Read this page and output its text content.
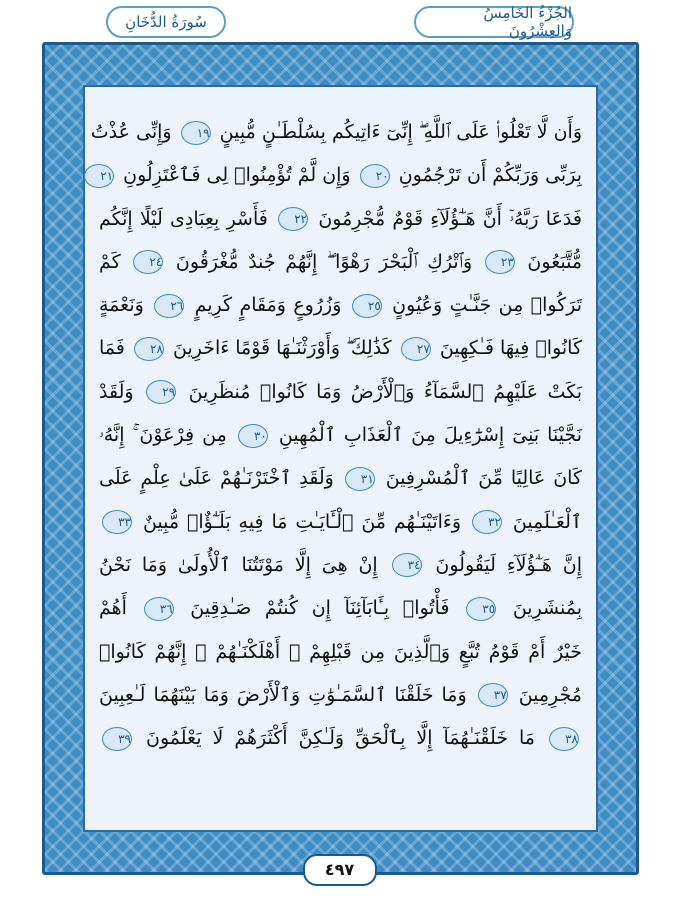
الجُزْءُ الخَامِسُ وَالعِشْرُونَ
سُورَةُ الدُّخَانِ
وَأَن لَّا تَعْلُوا۟ عَلَى ٱللَّهِ ۖ إِنِّىٓ ءَاتِيكُم بِسُلْطَـٰنٍ مُّبِينٍ ١٩ وَإِنِّى عُذْتُ
بِرَبِّى وَرَبِّكُمْ أَن تَرْجُمُونِ ٢٠ وَإِن لَّمْ تُؤْمِنُوا۟ لِى فَٱعْتَزِلُونِ ٢١
فَدَعَا رَبَّهُۥٓ أَنَّ هَـٰٓؤُلَآءِ قَوْمٌ مُّجْرِمُونَ ٢٢ فَأَسْرِ بِعِبَادِى لَيْلًا إِنَّكُم
مُّتَّبَعُونَ ٢٣ وَٱتْرُكِ ٱلْبَحْرَ رَهْوًا ۖ إِنَّهُمْ جُندٌ مُّغْرَقُونَ ٢٤ كَمْ
تَرَكُوا۟ مِن جَنَّـٰتٍ وَعُيُونٍ ٢٥ وَزُرُوعٍ وَمَقَامٍ كَرِيمٍ ٢٦ وَنَعْمَةٍ
كَانُوا۟ فِيهَا فَـٰكِهِينَ ٢٧ كَذَٰلِكَ ۖ وَأَوْرَثْنَـٰهَا قَوْمًا ءَاخَرِينَ ٢٨ فَمَا
بَكَتْ عَلَيْهِمُ ٱلسَّمَآءُ وَٱلْأَرْضُ وَمَا كَانُوا۟ مُنظَرِينَ ٢٩ وَلَقَدْ
نَجَّيْنَا بَنِىٓ إِسْرَٰٓءِيلَ مِنَ ٱلْعَذَابِ ٱلْمُهِينِ ٣٠ مِن فِرْعَوْنَ ۚ إِنَّهُۥ
كَانَ عَالِيًا مِّنَ ٱلْمُسْرِفِينَ ٣١ وَلَقَدِ ٱخْتَرْنَـٰهُمْ عَلَىٰ عِلْمٍ عَلَى
ٱلْعَـٰلَمِينَ ٣٢ وَءَاتَيْنَـٰهُم مِّنَ ٱلْـَٔايَـٰتِ مَا فِيهِ بَلَـٰٓؤٌا۟ مُّبِينٌ ٣٣
إِنَّ هَـٰٓؤُلَآءِ لَيَقُولُونَ ٣٤ إِنْ هِىَ إِلَّا مَوْتَتُنَا ٱلْأُولَىٰ وَمَا نَحْنُ
بِمُنشَرِينَ ٣٥ فَأْتُوا۟ بِـَٔابَآئِنَآ إِن كُنتُمْ صَـٰدِقِينَ ٣٦ أَهُمْ
خَيْرٌ أَمْ قَوْمُ تُبَّعٍ وَٱلَّذِينَ مِن قَبْلِهِمْ ۚ أَهْلَكْنَـٰهُمْ ۖ إِنَّهُمْ كَانُوا۟
مُجْرِمِينَ ٣٧ وَمَا خَلَقْنَا ٱلسَّمَـٰوَٰتِ وَٱلْأَرْضَ وَمَا بَيْنَهُمَا لَـٰعِبِينَ
٣٨ مَا خَلَقْنَـٰهُمَآ إِلَّا بِٱلْحَقِّ وَلَـٰكِنَّ أَكْثَرَهُمْ لَا يَعْلَمُونَ ٣٩
٤٩٧
